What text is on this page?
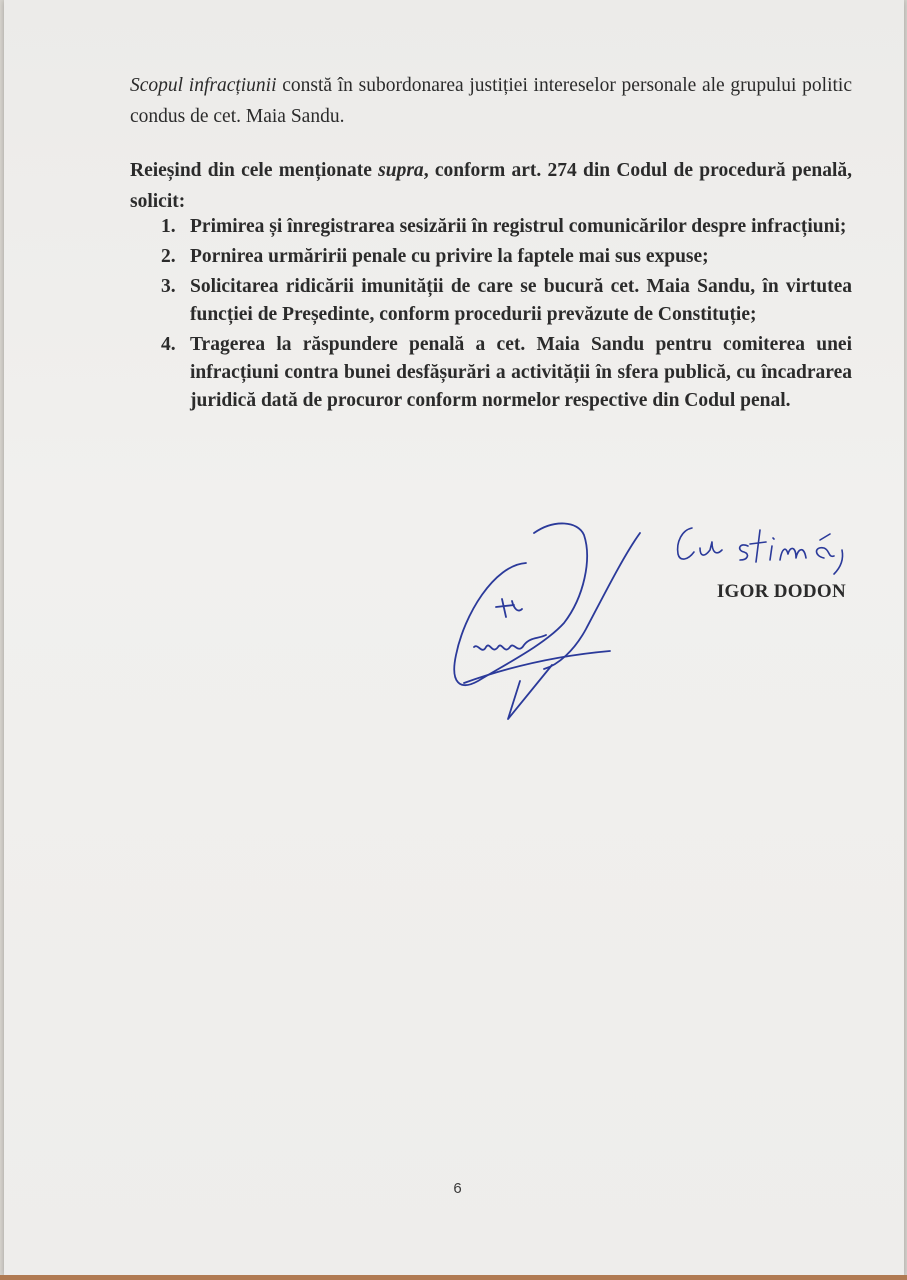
Scopul infracțiunii constă în subordonarea justiției intereselor personale ale grupului politic condus de cet. Maia Sandu.

Reieșind din cele menționate supra, conform art. 274 din Codul de procedură penală, solicit:

1. Primirea și înregistrarea sesizării în registrul comunicărilor despre infracțiuni;
2. Pornirea urmăririi penale cu privire la faptele mai sus expuse;
3. Solicitarea ridicării imunității de care se bucură cet. Maia Sandu, în virtutea funcției de Președinte, conform procedurii prevăzute de Constituție;
4. Tragerea la răspundere penală a cet. Maia Sandu pentru comiterea unei infracțiuni contra bunei desfășurări a activității în sfera publică, cu încadrarea juridică dată de procuror conform normelor respective din Codul penal.
IGOR DODON
6
